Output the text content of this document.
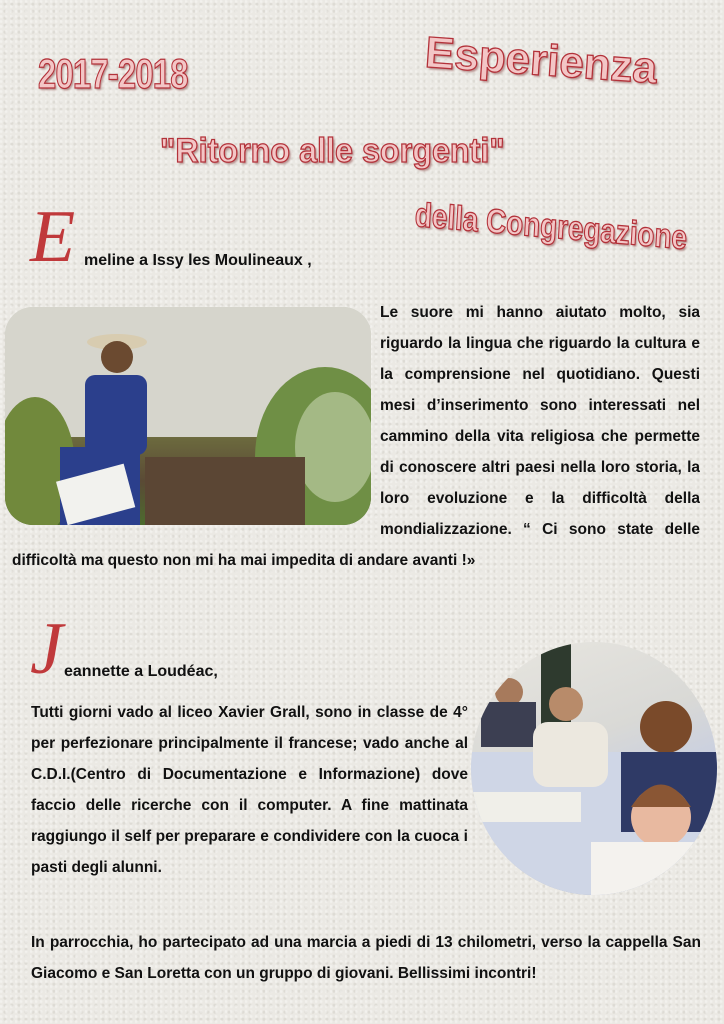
2017-2018	Esperienza
"Ritorno alle sorgenti"
della Congregazione
E meline a Issy les Moulineaux ,
Le suore mi hanno aiutato molto, sia riguardo la lingua che riguardo la cultura e la comprensione nel quotidiano. Questi mesi d’inserimento sono interessati nel cammino della vita religiosa che permette di conoscere altri paesi nella loro storia, la loro evoluzione e la difficoltà della mondializzazione. “ Ci sono state delle difficoltà ma questo non mi ha mai impedita di andare avanti !»
J eannette a Loudéac,
Tutti giorni vado al liceo Xavier Grall, sono in classe de 4° per perfezionare principalmente il francese; vado anche al C.D.I.(Centro di Documentazione e Informazione) dove faccio delle ricerche con il computer. A fine mattinata raggiungo il self per preparare e condividere con la cuoca i pasti degli alunni.
In parrocchia, ho partecipato ad una marcia a piedi di 13 chilometri, verso la cappella San Giacomo e San Loretta con un gruppo di giovani. Bellissimi incontri!
